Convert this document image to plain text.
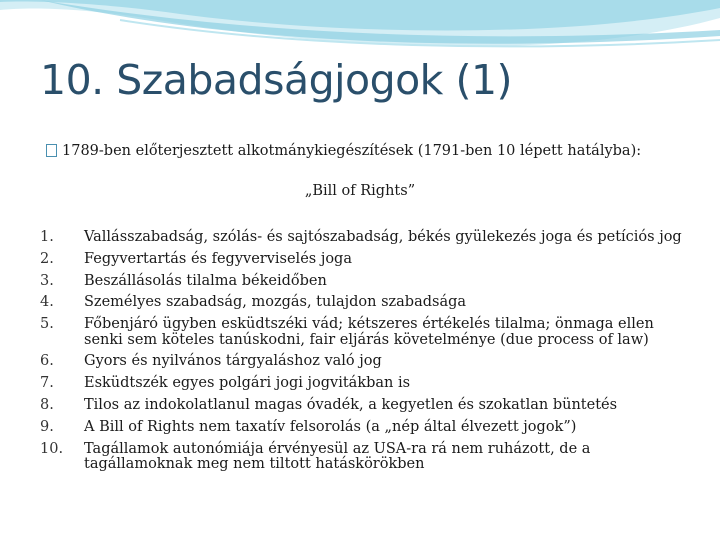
10. Szabadságjogok (1)
1789-ben előterjesztett alkotmánykiegészítések (1791-ben 10 lépett hatályba):
„Bill of Rights”
1.	Vallásszabadság, szólás- és sajtószabadság, békés gyülekezés joga és petíciós jog
2.	Fegyvertartás és fegyverviselés joga
3.	Beszállásolás tilalma békeidőben
4.	Személyes szabadság, mozgás, tulajdon szabadsága
5.	Főbenjáró ügyben esküdtszéki vád; kétszeres értékelés tilalma; önmaga ellen senki sem köteles tanúskodni, fair eljárás követelménye (due process of law)
6.	Gyors és nyilvános tárgyaláshoz való jog
7.	Esküdtszék egyes polgári jogi jogvitákban is
8.	Tilos az indokolatlanul magas óvadék, a kegyetlen és szokatlan büntetés
9.	A Bill of Rights nem taxatív felsorolás (a „nép által élvezett jogok”)
10.	Tagállamok autonómiája érvényesül az USA-ra rá nem ruházott, de a tagállamoknak meg nem tiltott hatáskörökben
